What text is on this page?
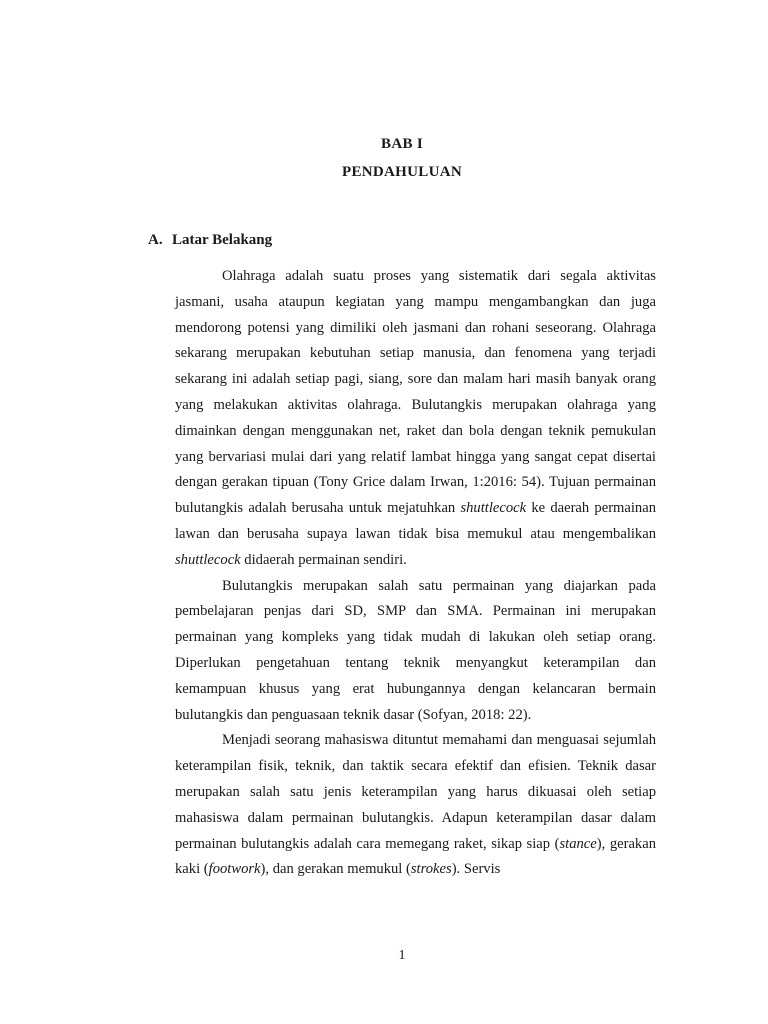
BAB I
PENDAHULUAN
A. Latar Belakang

Olahraga adalah suatu proses yang sistematik dari segala aktivitas jasmani, usaha ataupun kegiatan yang mampu mengambangkan dan juga mendorong potensi yang dimiliki oleh jasmani dan rohani seseorang. Olahraga sekarang merupakan kebutuhan setiap manusia, dan fenomena yang terjadi sekarang ini adalah setiap pagi, siang, sore dan malam hari masih banyak orang yang melakukan aktivitas olahraga. Bulutangkis merupakan olahraga yang dimainkan dengan menggunakan net, raket dan bola dengan teknik pemukulan yang bervariasi mulai dari yang relatif lambat hingga yang sangat cepat disertai dengan gerakan tipuan (Tony Grice dalam Irwan, 1:2016: 54). Tujuan permainan bulutangkis adalah berusaha untuk mejatuhkan shuttlecock ke daerah permainan lawan dan berusaha supaya lawan tidak bisa memukul atau mengembalikan shuttlecock didaerah permainan sendiri.

Bulutangkis merupakan salah satu permainan yang diajarkan pada pembelajaran penjas dari SD, SMP dan SMA. Permainan ini merupakan permainan yang kompleks yang tidak mudah di lakukan oleh setiap orang. Diperlukan pengetahuan tentang teknik menyangkut keterampilan dan kemampuan khusus yang erat hubungannya dengan kelancaran bermain bulutangkis dan penguasaan teknik dasar (Sofyan, 2018: 22).

Menjadi seorang mahasiswa dituntut memahami dan menguasai sejumlah keterampilan fisik, teknik, dan taktik secara efektif dan efisien. Teknik dasar merupakan salah satu jenis keterampilan yang harus dikuasai oleh setiap mahasiswa dalam permainan bulutangkis. Adapun keterampilan dasar dalam permainan bulutangkis adalah cara memegang raket, sikap siap (stance), gerakan kaki (footwork), dan gerakan memukul (strokes). Servis

1
